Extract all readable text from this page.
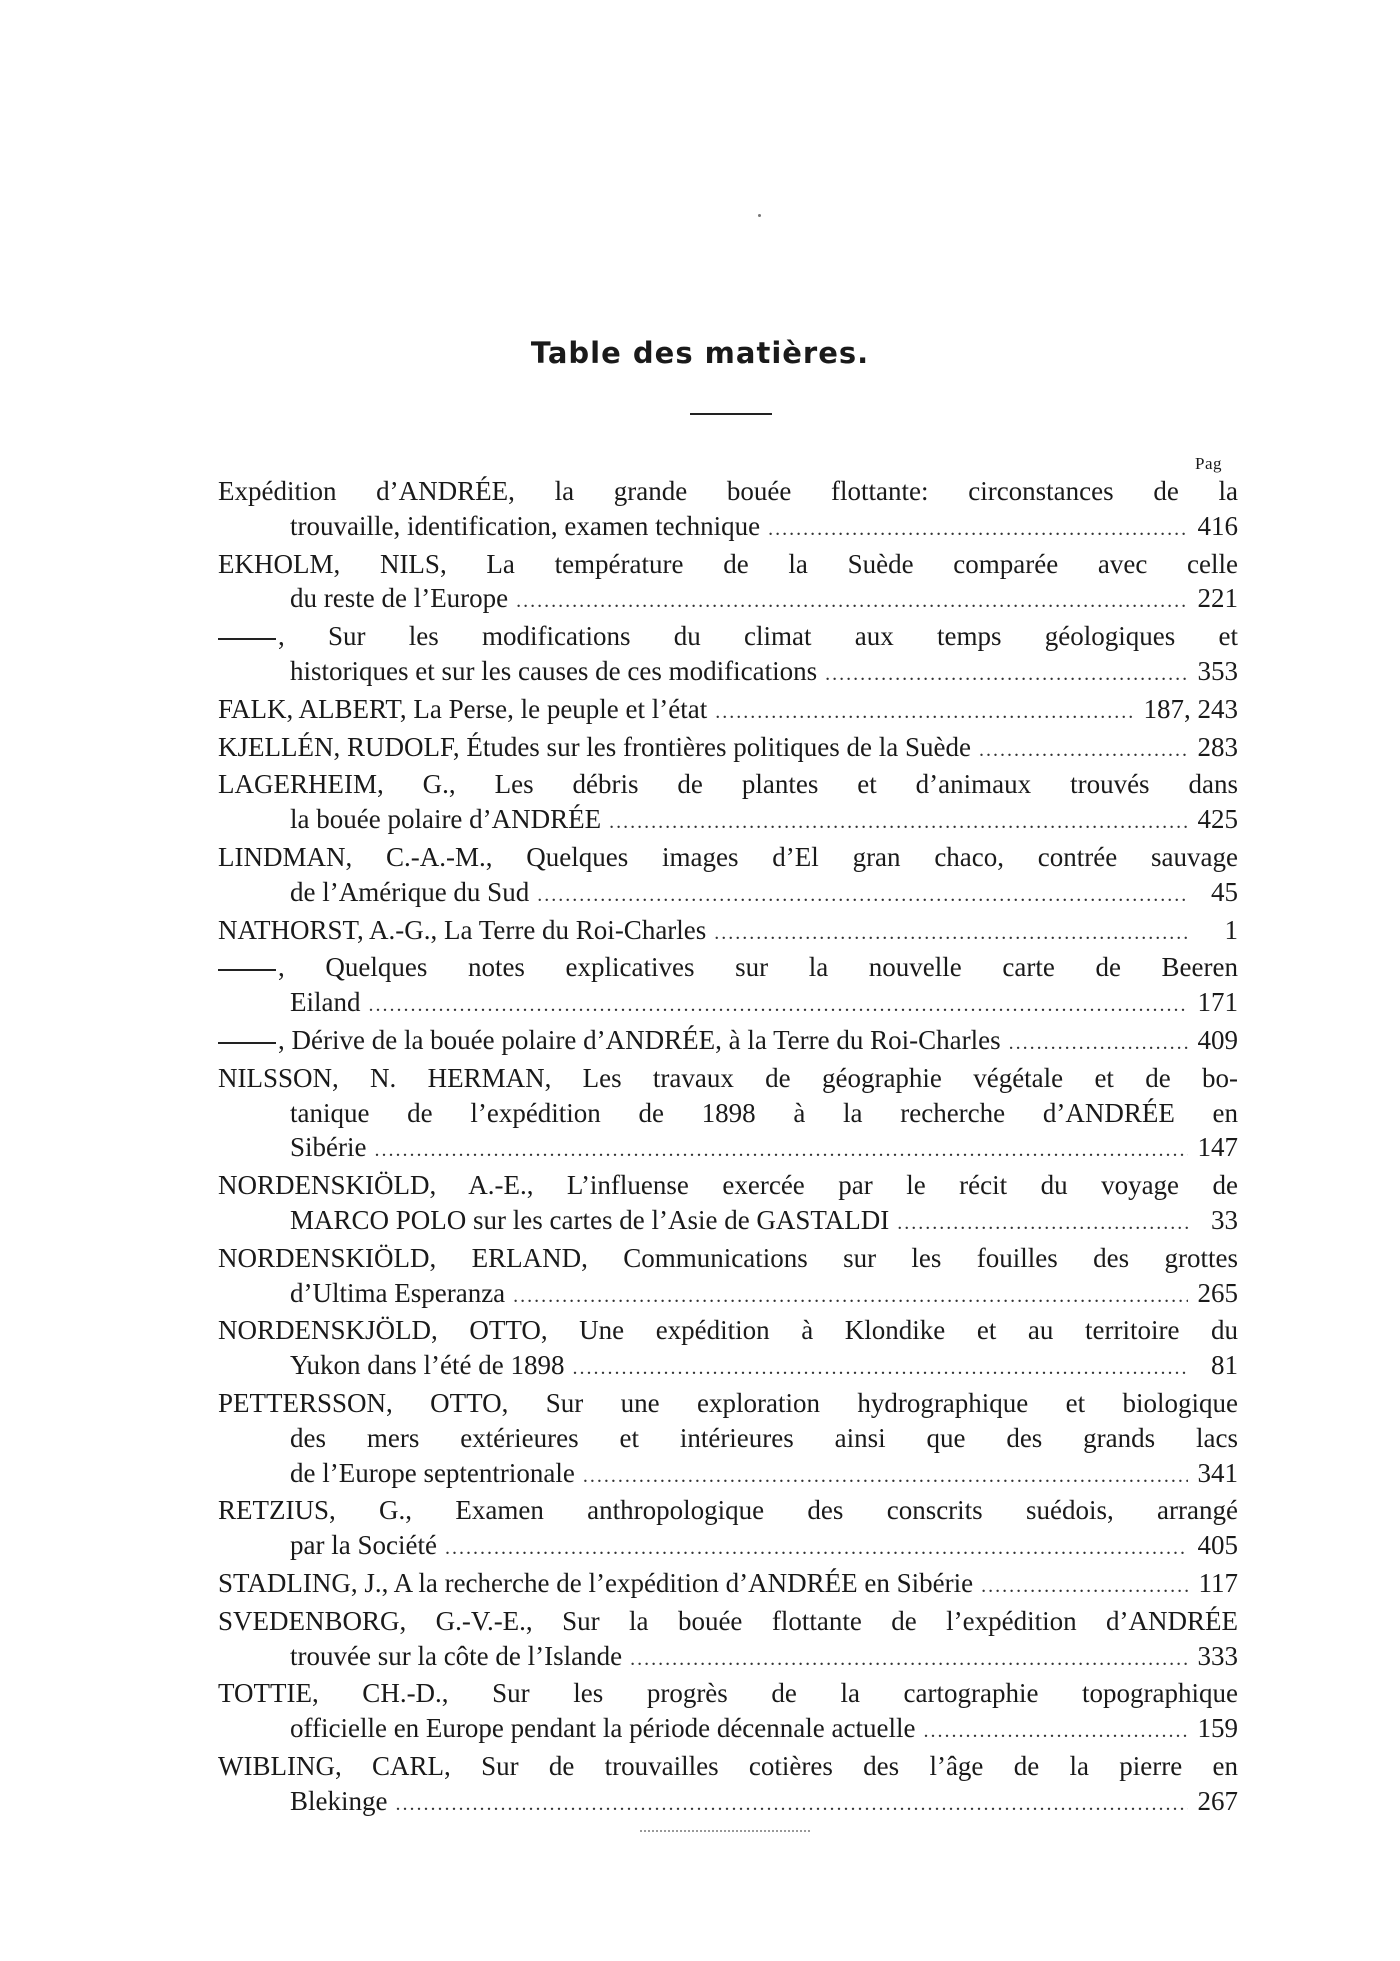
Table des matières.
Pag
Expédition d’ANDRÉE, la grande bouée flottante: circonstances de la
trouvaille, identification, examen technique .....	416
EKHOLM, NILS, La température de la Suède comparée avec celle
du reste de l’Europe .....	221
, Sur les modifications du climat aux temps géologiques et
historiques et sur les causes de ces modifications .....	353
FALK, ALBERT, La Perse, le peuple et l’état .....	187, 243
KJELLÉN, RUDOLF, Études sur les frontières politiques de la Suède .....	283
LAGERHEIM, G., Les débris de plantes et d’animaux trouvés dans
la bouée polaire d’ANDRÉE .....	425
LINDMAN, C.-A.-M., Quelques images d’El gran chaco, contrée sauvage
de l’Amérique du Sud .....	45
NATHORST, A.-G., La Terre du Roi-Charles .....	1
, Quelques notes explicatives sur la nouvelle carte de Beeren
Eiland .....	171
, Dérive de la bouée polaire d’ANDRÉE, à la Terre du Roi-Charles .....	409
NILSSON, N. HERMAN, Les travaux de géographie végétale et de bo-
tanique de l’expédition de 1898 à la recherche d’ANDRÉE en
Sibérie .....	147
NORDENSKIÖLD, A.-E., L’influense exercée par le récit du voyage de
MARCO POLO sur les cartes de l’Asie de GASTALDI .....	33
NORDENSKIÖLD, ERLAND, Communications sur les fouilles des grottes
d’Ultima Esperanza .....	265
NORDENSKJÖLD, OTTO, Une expédition à Klondike et au territoire du
Yukon dans l’été de 1898 .....	81
PETTERSSON, OTTO, Sur une exploration hydrographique et biologique
des mers extérieures et intérieures ainsi que des grands lacs
de l’Europe septentrionale .....	341
RETZIUS, G., Examen anthropologique des conscrits suédois, arrangé
par la Société .....	405
STADLING, J., A la recherche de l’expédition d’ANDRÉE en Sibérie .....	117
SVEDENBORG, G.-V.-E., Sur la bouée flottante de l’expédition d’ANDRÉE
trouvée sur la côte de l’Islande .....	333
TOTTIE, CH.-D., Sur les progrès de la cartographie topographique
officielle en Europe pendant la période décennale actuelle .....	159
WIBLING, CARL, Sur de trouvailles cotières des l’âge de la pierre en
Blekinge .....	267
